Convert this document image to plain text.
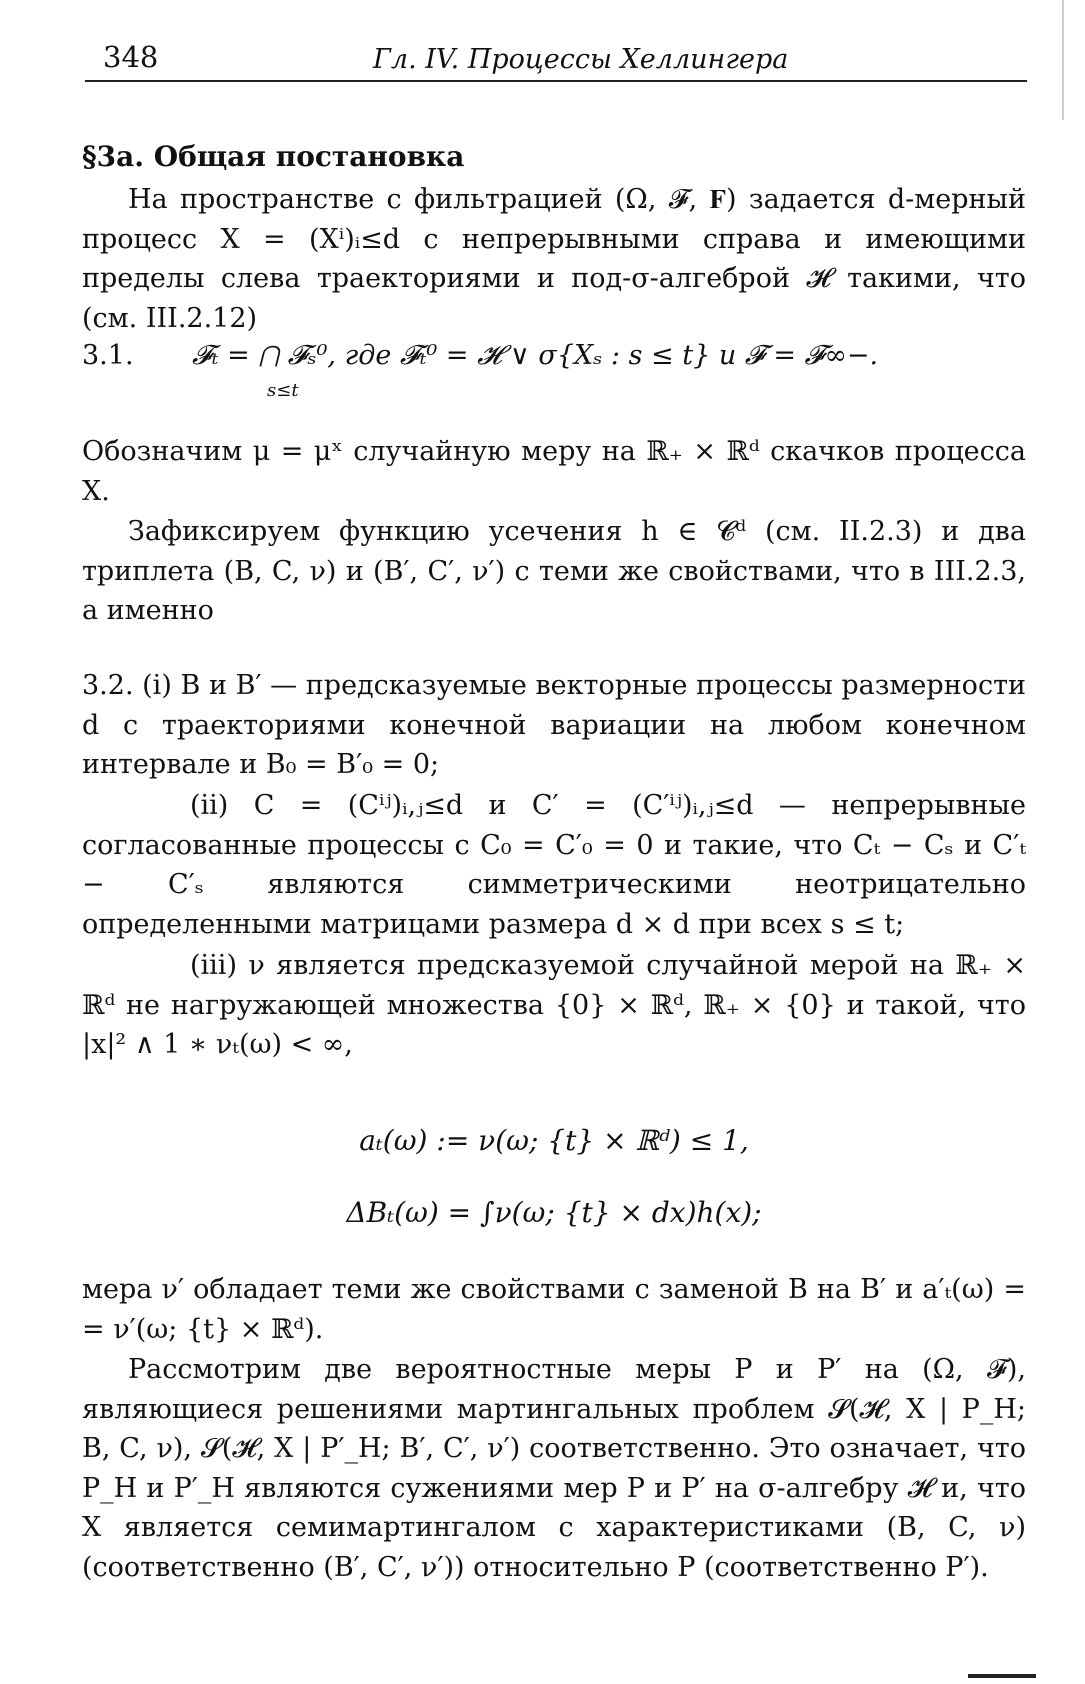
348	Гл. IV. Процессы Хеллингера
§3а. Общая постановка

На пространстве с фильтрацией (Ω, 𝓕, 𝐅) задается d-мерный процесс X = (Xⁱ)ᵢ≤d с непрерывными справа и имеющими пределы слева траекториями и под-σ-алгеброй 𝓗 такими, что (см. III.2.12)

3.1. 𝓕ₜ = ⋂ 𝓕ₛ⁰, где 𝓕ₜ⁰ = 𝓗 ∨ σ{Xₛ : s ≤ t} и 𝓕 = 𝓕∞−.
s≤t

Обозначим μ = μˣ случайную меру на ℝ₊ × ℝᵈ скачков процесса X.

Зафиксируем функцию усечения h ∈ 𝓒ᵈ (см. II.2.3) и два триплета (B, C, ν) и (B′, C′, ν′) с теми же свойствами, что в III.2.3, а именно

3.2. (i) B и B′ — предсказуемые векторные процессы размерности d с траекториями конечной вариации на любом конечном интервале и B₀ = B′₀ = 0;

(ii) C = (Cⁱʲ)ᵢ,ⱼ≤d и C′ = (C′ⁱʲ)ᵢ,ⱼ≤d — непрерывные согласованные процессы с C₀ = C′₀ = 0 и такие, что Cₜ − Cₛ и C′ₜ − C′ₛ являются симметрическими неотрицательно определенными матрицами размера d × d при всех s ≤ t;

(iii) ν является предсказуемой случайной мерой на ℝ₊ × ℝᵈ не нагружающей множества {0} × ℝᵈ, ℝ₊ × {0} и такой, что |x|² ∧ 1 ∗ νₜ(ω) < ∞,

aₜ(ω) := ν(ω; {t} × ℝᵈ) ≤ 1,
ΔBₜ(ω) = ∫ν(ω; {t} × dx)h(x);

мера ν′ обладает теми же свойствами с заменой B на B′ и a′ₜ(ω) = = ν′(ω; {t} × ℝᵈ).

Рассмотрим две вероятностные меры P и P′ на (Ω, 𝓕), являющиеся решениями мартингальных проблем 𝓢(𝓗, X | P_H; B, C, ν), 𝓢(𝓗, X | P′_H; B′, C′, ν′) соответственно. Это означает, что P_H и P′_H являются сужениями мер P и P′ на σ-алгебру 𝓗 и, что X является семимартингалом с характеристиками (B, C, ν) (соответственно (B′, C′, ν′)) относительно P (соответственно P′).
